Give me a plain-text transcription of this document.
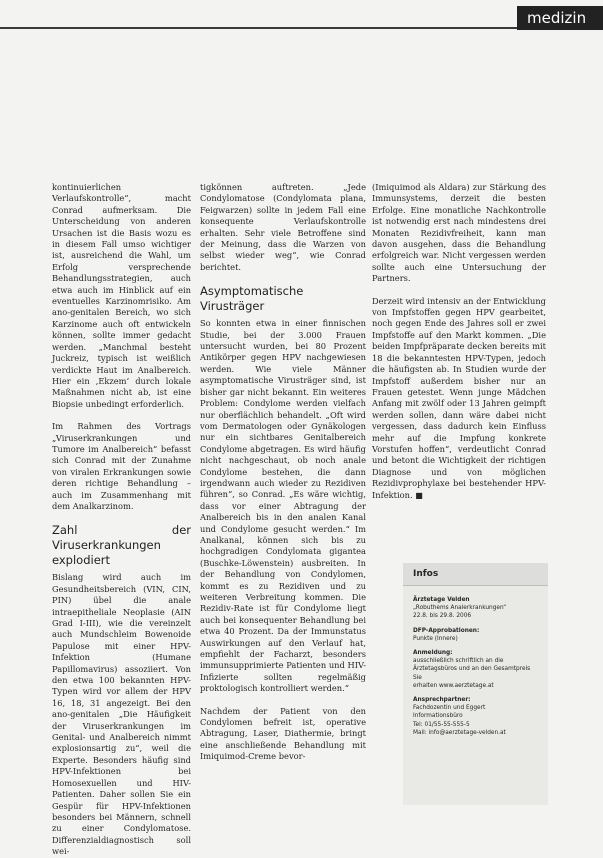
medizin

kontinuierlichen Verlaufskontrolle“, macht Conrad aufmerksam. Die Unterscheidung von anderen Ursachen ist die Basis wozu es in diesem Fall umso wichtiger ist, ausreichend die Wahl, um Erfolg versprechende Behandlungsstrategien, auch etwa auch im Hinblick auf ein eventuelles Karzinomrisiko. Am ano-genitalen Bereich, wo sich Karzinome auch oft entwickeln können, sollte immer gedacht werden. „Manchmal besteht Juckreiz, typisch ist weißlich verdickte Haut im Analbereich. Hier ein ‚Ekzem‘ durch lokale Maßnahmen nicht ab, ist eine Biopsie unbedingt erforderlich.

Im Rahmen des Vortrags „Viruserkrankungen und Tumore im Analbereich“ befasst sich Conrad mit der Zunahme von viralen Erkrankungen sowie deren richtige Behandlung – auch im Zusammenhang mit dem Analkarzinom.

Zahl der Viruserkrankungen explodiert

Bislang wird auch im Gesundheitsbereich (VIN, CIN, PIN) übel die anale intraepitheliale Neoplasie (AIN Grad I-III), wie die vereinzelt auch Mundschleim Bowenoide Papulose mit einer HPV-Infektion (Humane Papillomavirus) assoziiert. Von den etwa 100 bekannten HPV-Typen wird vor allem der HPV 16, 18, 31 angezeigt. Bei den ano-genitalen „Die Häufigkeit der Viruserkrankungen im Genital- und Analbereich nimmt explosionsartig zu“, weil die Experte. Besonders häufig sind HPV-Infektionen bei Homosexuellen und HIV-Patienten. Daher sollen Sie ein Gespür für HPV-Infektionen besonders bei Männern, schnell zu einer Condylomatose. Differenzialdiagnostisch soll wei-

tigkönnen auftreten. „Jede Condylomatose (Condylomata plana, Feigwarzen) sollte in jedem Fall eine konsequente Verlaufskontrolle erhalten. Sehr viele Betroffene sind der Meinung, dass die Warzen von selbst wieder weg“, wie Conrad berichtet.

Asymptomatische Virusträger

So konnten etwa in einer finnischen Studie, bei der 3.000 Frauen untersucht wurden, bei 80 Prozent Antikörper gegen HPV nachgewiesen werden. Wie viele Männer asymptomatische Virusträger sind, ist bisher gar nicht bekannt. Ein weiteres Problem: Condylome werden vielfach nur oberflächlich behandelt. „Oft wird vom Dermatologen oder Gynäkologen nur ein sichtbares Genitalbereich Condylome abgetragen. Es wird häufig nicht nachgeschaut, ob noch anale Condylome bestehen, die dann irgendwann auch wieder zu Rezidiven führen“, so Conrad. „Es wäre wichtig, dass vor einer Abtragung der Analbereich bis in den analen Kanal und Condylome gesucht werden.“ Im Analkanal, können sich bis zu hochgradigen Condylomata gigantea (Buschke-Löwenstein) ausbreiten. In der Behandlung von Condylomen, kommt es zu Rezidiven und zu weiteren Verbreitung kommen. Die Rezidiv-Rate ist für Condylome liegt auch bei konsequenter Behandlung bei etwa 40 Prozent. Da der Immunstatus Auswirkungen auf den Verlauf hat, empfiehlt der Facharzt, besonders immunsupprimierte Patienten und HIV-Infizierte sollten regelmäßig proktologisch kontrolliert werden.“

Nachdem der Patient von den Condylomen befreit ist, operative Abtragung, Laser, Diathermie, bringt eine anschließende Behandlung mit Imiquimod-Creme bevor-

(Imiquimod als Aldara) zur Stärkung des Immunsystems, derzeit die besten Erfolge. Eine monatliche Nachkontrolle ist notwendig erst nach mindestens drei Monaten Rezidivfreiheit, kann man davon ausgehen, dass die Behandlung erfolgreich war. Nicht vergessen werden sollte auch eine Untersuchung der Partners.

Derzeit wird intensiv an der Entwicklung von Impfstoffen gegen HPV gearbeitet, noch gegen Ende des Jahres soll er zwei Impfstoffe auf den Markt kommen. „Die beiden Impfpräparate decken bereits mit 18 die bekanntesten HPV-Typen, jedoch die häufigsten ab. In Studien wurde der Impfstoff außerdem bisher nur an Frauen getestet. Wenn junge Mädchen Anfang mit zwölf oder 13 Jahren geimpft werden sollen, dann wäre dabei nicht vergessen, dass dadurch kein Einfluss mehr auf die Impfung konkrete Vorstufen hoffen“, verdeutlicht Conrad und betont die Wichtigkeit der richtigen Diagnose und von möglichen Rezidivprophylaxe bei bestehender HPV-Infektion. ■

Infos
Ärztetage Velden
„Robuthems Analerkrankungen“
22.8. bis 29.8. 2006
DFP-Approbationen:
Punkte (Innere)
Anmeldung:
ausschließlich schriftlich an die
Ärztetagsbüros und an den Gesamtpreis Sie
erhalten www.aerztetage.at
Ansprechpartner:
Fachdozentin und Eggert
Informationsbüro
Tel: 01/55-55-555-5
Mail: info@aerztetage-velden.at
